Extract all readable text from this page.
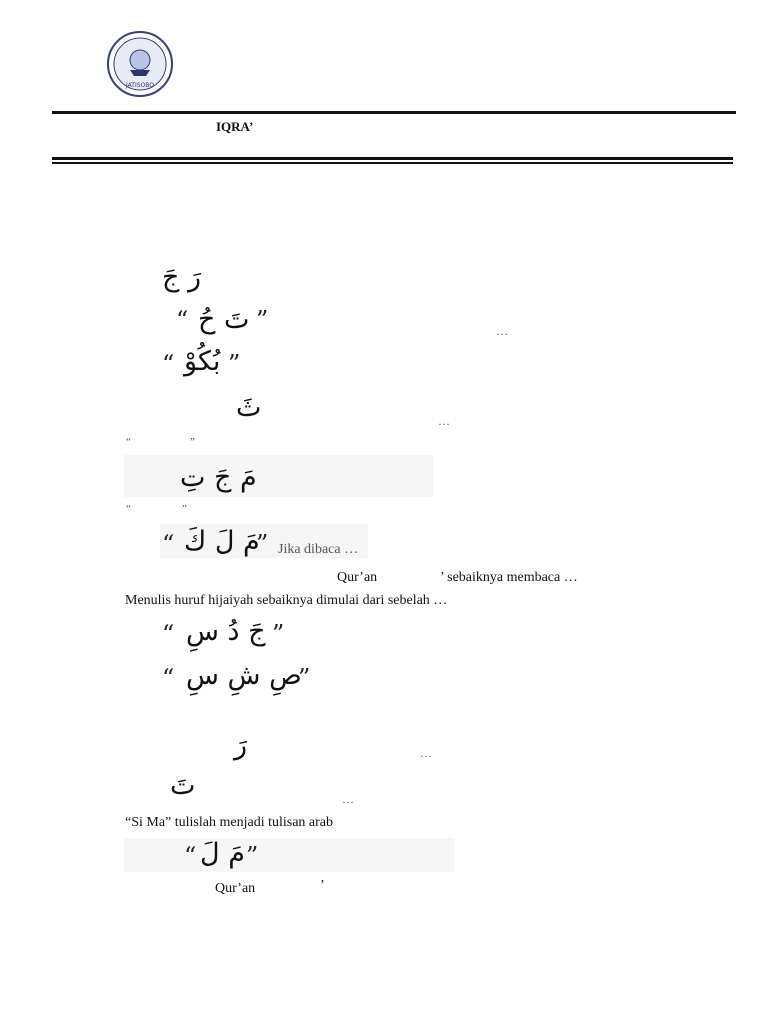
JATISOBO
IQRA’
رَ جَ
“ تَ حُ ”	…
“ بُكُوْ ”
ثَ	…
“	”
مَ جَ تِ
“	”
“ مَ لَ كَ
” Jika dibaca …
Qur’an	’ sebaiknya membaca …
Menulis huruf hijaiyah sebaiknya dimulai dari sebelah …
“ جَ دُ سِ ”
“ صِ شِ سِ
”
رَ	…
تَ	…
“Si Ma” tulislah menjadi tulisan arab
“ مَ لَ ”
Qur’an	’
